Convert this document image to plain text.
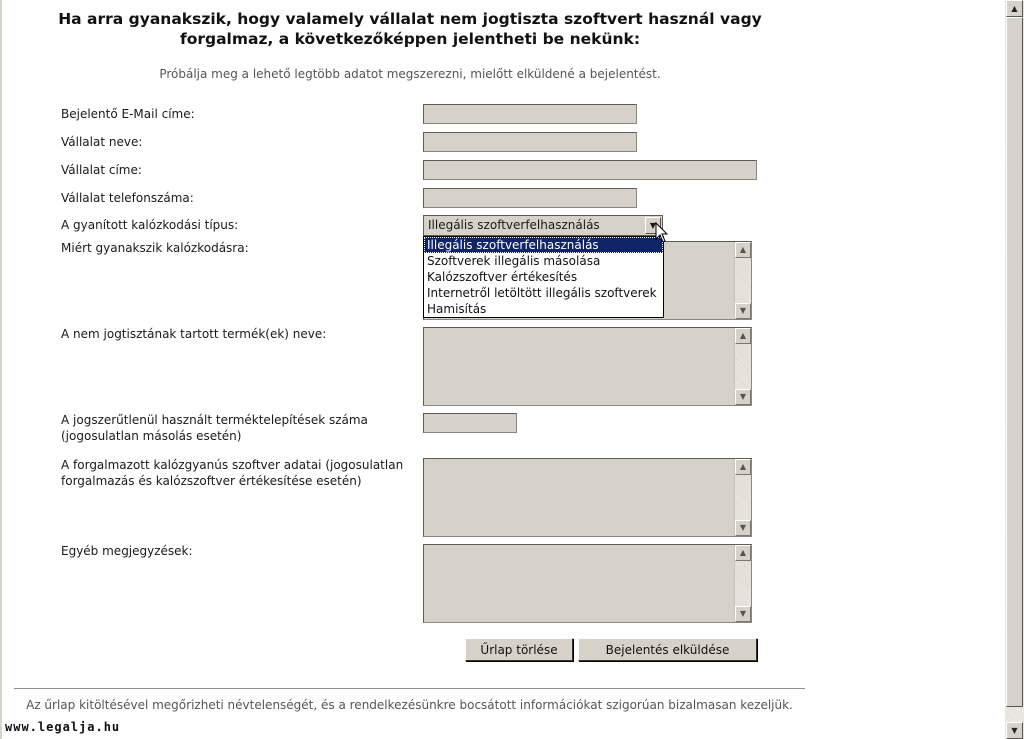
Ha arra gyanakszik, hogy valamely vállalat nem jogtiszta szoftvert használ vagy forgalmaz, a következőképpen jelentheti be nekünk:
Próbálja meg a lehető legtöbb adatot megszerezni, mielőtt elküldené a bejelentést.
Bejelentő E-Mail címe:
Vállalat neve:
Vállalat címe:
Vállalat telefonszáma:
A gyanított kalózkodási típus:	Illegális szoftverfelhasználás	▼
Illegális szoftverfelhasználás
Szoftverek illegális másolása
Kalózszoftver értékesítés
Internetről letöltött illegális szoftverek
Hamisítás
Miért gyanakszik kalózkodásra:	▲
▼
A nem jogtisztának tartott termék(ek) neve:	▲
▼
A jogszerűtlenül használt terméktelepítések száma
(jogosulatlan másolás esetén)
A forgalmazott kalózgyanús szoftver adatai (jogosulatlan
forgalmazás és kalózszoftver értékesítése esetén)
▲
▼
Egyéb megjegyzések:	▲
▼
Űrlap törlése	Bejelentés elküldése
Az űrlap kitöltésével megőrizheti névtelenségét, és a rendelkezésünkre bocsátott információkat szigorúan bizalmasan kezeljük.
www.legalja.hu
▲
▼
